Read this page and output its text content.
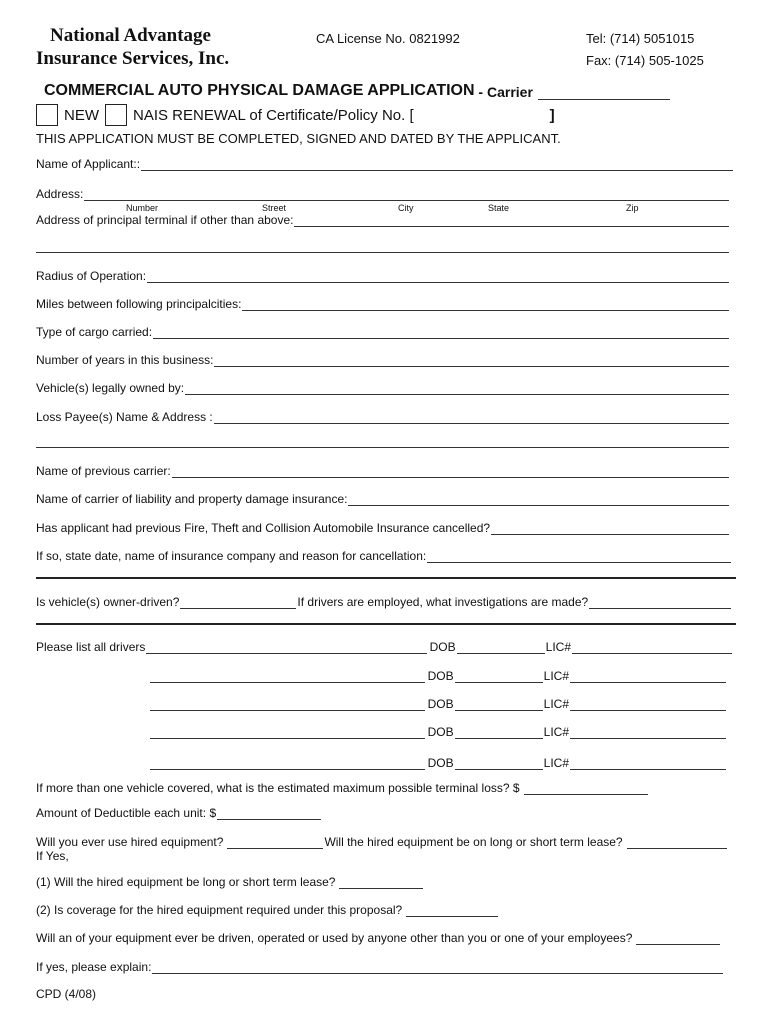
National Advantage
Insurance Services, Inc.
CA License No. 0821992	Tel: (714) 5051015
Fax: (714) 505-1025
COMMERCIAL AUTO PHYSICAL DAMAGE APPLICATION - Carrier
NEW NAIS RENEWAL of Certificate/Policy No. [	]
THIS APPLICATION MUST BE COMPLETED, SIGNED AND DATED BY THE APPLICANT.
Name of Applicant::
Address:
Number	Street	City	State	Zip
Address of principal terminal if other than above:
Radius of Operation:
Miles between following principalcities:
Type of cargo carried:
Number of years in this business:
Vehicle(s) legally owned by:
Loss Payee(s) Name & Address :
Name of previous carrier:
Name of carrier of liability and property damage insurance:
Has applicant had previous Fire, Theft and Collision Automobile Insurance cancelled?
If so, state date, name of insurance company and reason for cancellation:
Is vehicle(s) owner-driven?	If drivers are employed, what investigations are made?
Please list all drivers	DOB	LIC#
DOB	LIC#
DOB	LIC#
DOB	LIC#
DOB	LIC#
If more than one vehicle covered, what is the estimated maximum possible terminal loss? $
Amount of Deductible each unit: $
Will you ever use hired equipment?	Will the hired equipment be on long or short term lease?
If Yes,
(1) Will the hired equipment be long or short term lease?
(2) Is coverage for the hired equipment required under this proposal?
Will an of your equipment ever be driven, operated or used by anyone other than you or one of your employees?
If yes, please explain:
CPD (4/08)
